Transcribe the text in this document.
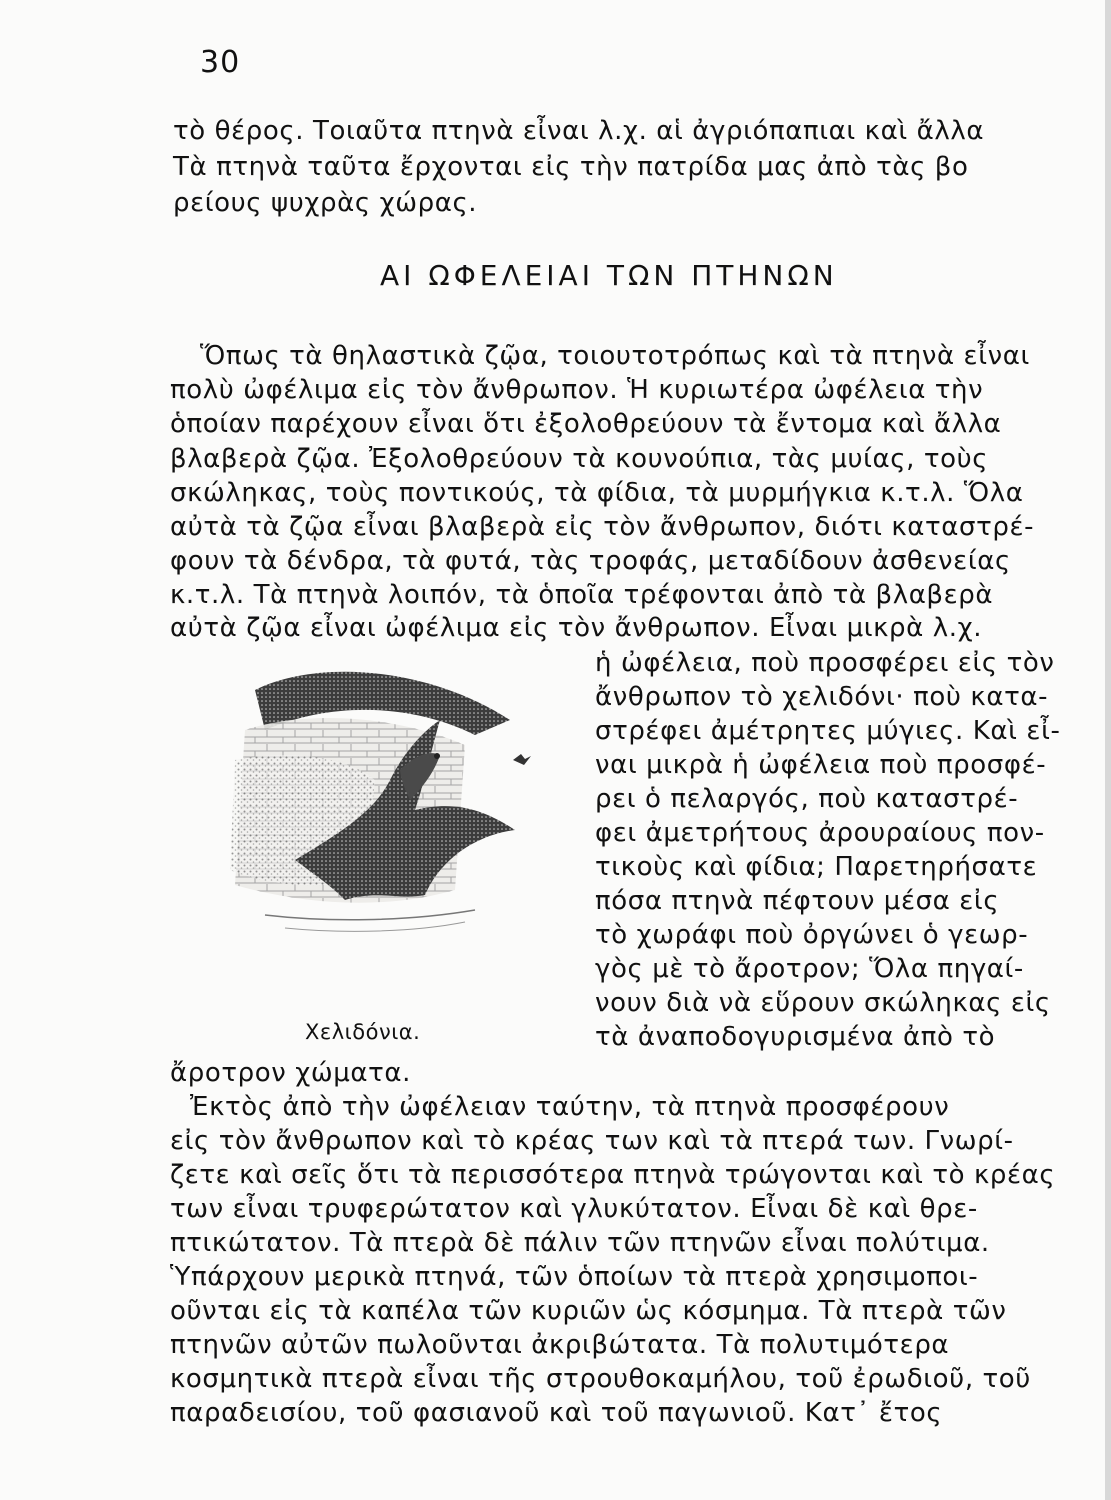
30
τὸ θέρος. Τοιαῦτα πτηνὰ εἶναι λ.χ. αἱ ἀγριόπαπιαι καὶ ἄλλα
Τὰ πτηνὰ ταῦτα ἔρχονται εἰς τὴν πατρίδα μας ἀπὸ τὰς βο
ρείους ψυχρὰς χώρας.
ΑΙ ΩΦΕΛΕΙΑΙ ΤΩΝ ΠΤΗΝΩΝ
Ὅπως τὰ θηλαστικὰ ζῷα, τοιουτοτρόπως καὶ τὰ πτηνὰ εἶναι
πολὺ ὠφέλιμα εἰς τὸν ἄνθρωπον. Ἡ κυριωτέρα ὠφέλεια τὴν
ὁποίαν παρέχουν εἶναι ὅτι ἐξολοθρεύουν τὰ ἔντομα καὶ ἄλλα
βλαβερὰ ζῷα. Ἐξολοθρεύουν τὰ κουνούπια, τὰς μυίας, τοὺς
σκώληκας, τοὺς ποντικούς, τὰ φίδια, τὰ μυρμήγκια κ.τ.λ. Ὅλα
αὐτὰ τὰ ζῷα εἶναι βλαβερὰ εἰς τὸν ἄνθρωπον, διότι καταστρέ-
φουν τὰ δένδρα, τὰ φυτά, τὰς τροφάς, μεταδίδουν ἀσθενείας
κ.τ.λ. Τὰ πτηνὰ λοιπόν, τὰ ὁποῖα τρέφονται ἀπὸ τὰ βλαβερὰ
αὐτὰ ζῷα εἶναι ὠφέλιμα εἰς τὸν ἄνθρωπον. Εἶναι μικρὰ λ.χ.
Χελιδόνια.
ἡ ὠφέλεια, ποὺ προσφέρει εἰς τὸν
ἄνθρωπον τὸ χελιδόνι· ποὺ κατα-
στρέφει ἀμέτρητες μύγιες. Καὶ εἶ-
ναι μικρὰ ἡ ὠφέλεια ποὺ προσφέ-
ρει ὁ πελαργός, ποὺ καταστρέ-
φει ἀμετρήτους ἀρουραίους πον-
τικοὺς καὶ φίδια; Παρετηρήσατε
πόσα πτηνὰ πέφτουν μέσα εἰς
τὸ χωράφι ποὺ ὀργώνει ὁ γεωρ-
γὸς μὲ τὸ ἄροτρον; Ὅλα πηγαί-
νουν διὰ νὰ εὕρουν σκώληκας εἰς
τὰ ἀναποδογυρισμένα ἀπὸ τὸ
ἄροτρον χώματα.
Ἐκτὸς ἀπὸ τὴν ὠφέλειαν ταύτην, τὰ πτηνὰ προσφέρουν
εἰς τὸν ἄνθρωπον καὶ τὸ κρέας των καὶ τὰ πτερά των. Γνωρί-
ζετε καὶ σεῖς ὅτι τὰ περισσότερα πτηνὰ τρώγονται καὶ τὸ κρέας
των εἶναι τρυφερώτατον καὶ γλυκύτατον. Εἶναι δὲ καὶ θρε-
πτικώτατον. Τὰ πτερὰ δὲ πάλιν τῶν πτηνῶν εἶναι πολύτιμα.
Ὑπάρχουν μερικὰ πτηνά, τῶν ὁποίων τὰ πτερὰ χρησιμοποι-
οῦνται εἰς τὰ καπέλα τῶν κυριῶν ὡς κόσμημα. Τὰ πτερὰ τῶν
πτηνῶν αὐτῶν πωλοῦνται ἀκριβώτατα. Τὰ πολυτιμότερα
κοσμητικὰ πτερὰ εἶναι τῆς στρουθοκαμήλου, τοῦ ἐρωδιοῦ, τοῦ
παραδεισίου, τοῦ φασιανοῦ καὶ τοῦ παγωνιοῦ. Κατ᾽ ἔτος
